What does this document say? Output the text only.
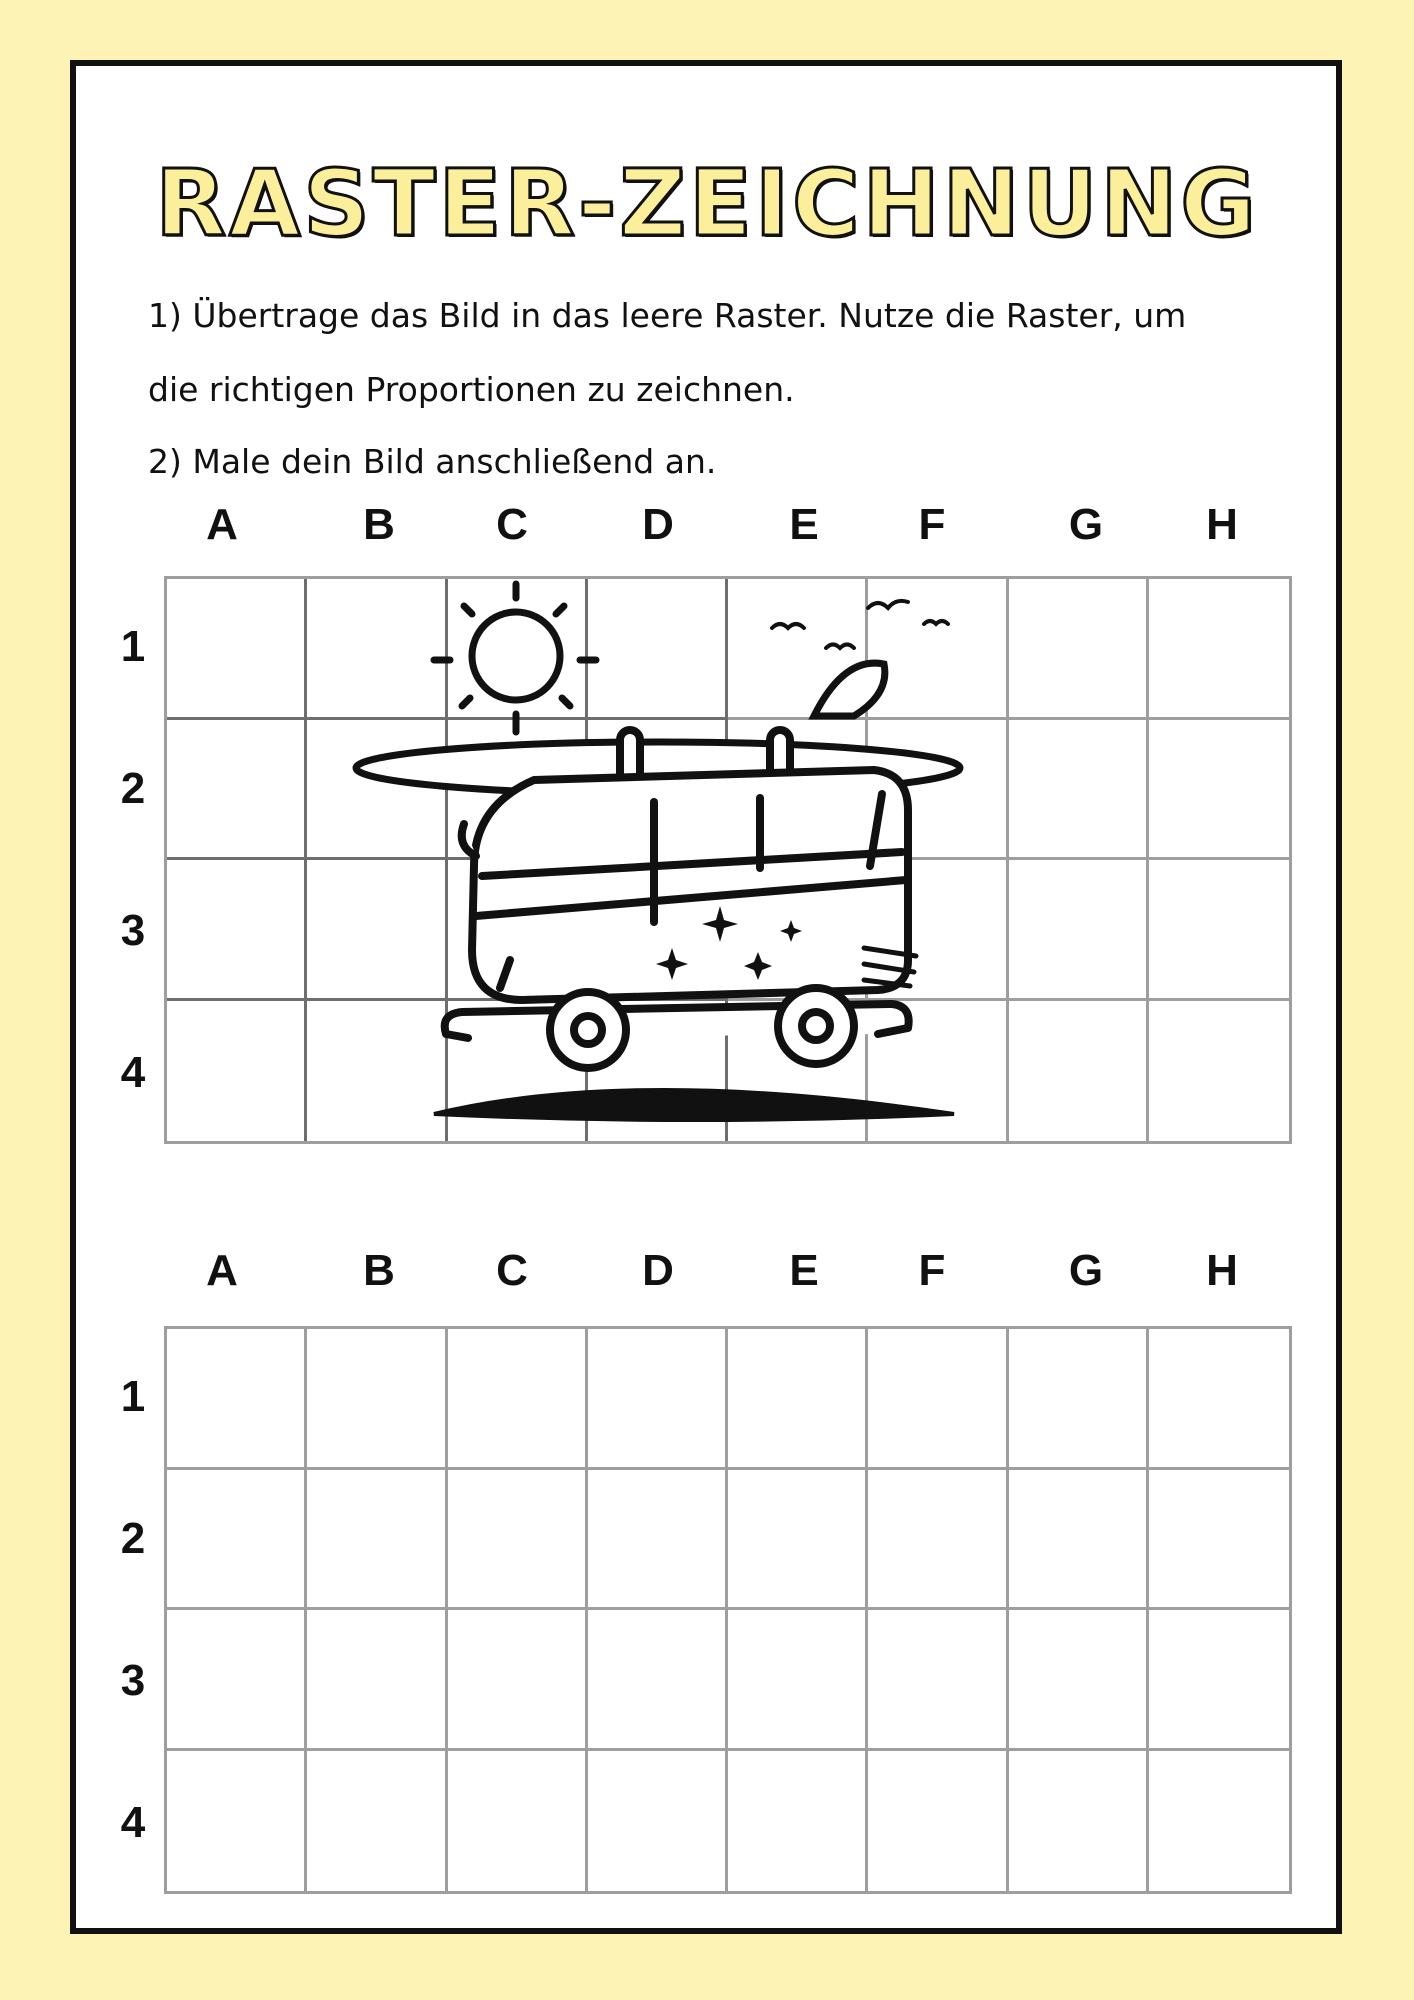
RASTER-ZEICHNUNG

1) Übertrage das Bild in das leere Raster. Nutze die Raster, um

die richtigen Proportionen zu zeichnen.

2) Male dein Bild anschließend an.

A	B	C	D	E	F	G	H
1
2
3
4
A	B	C	D	E	F	G	H
1
2
3
4
